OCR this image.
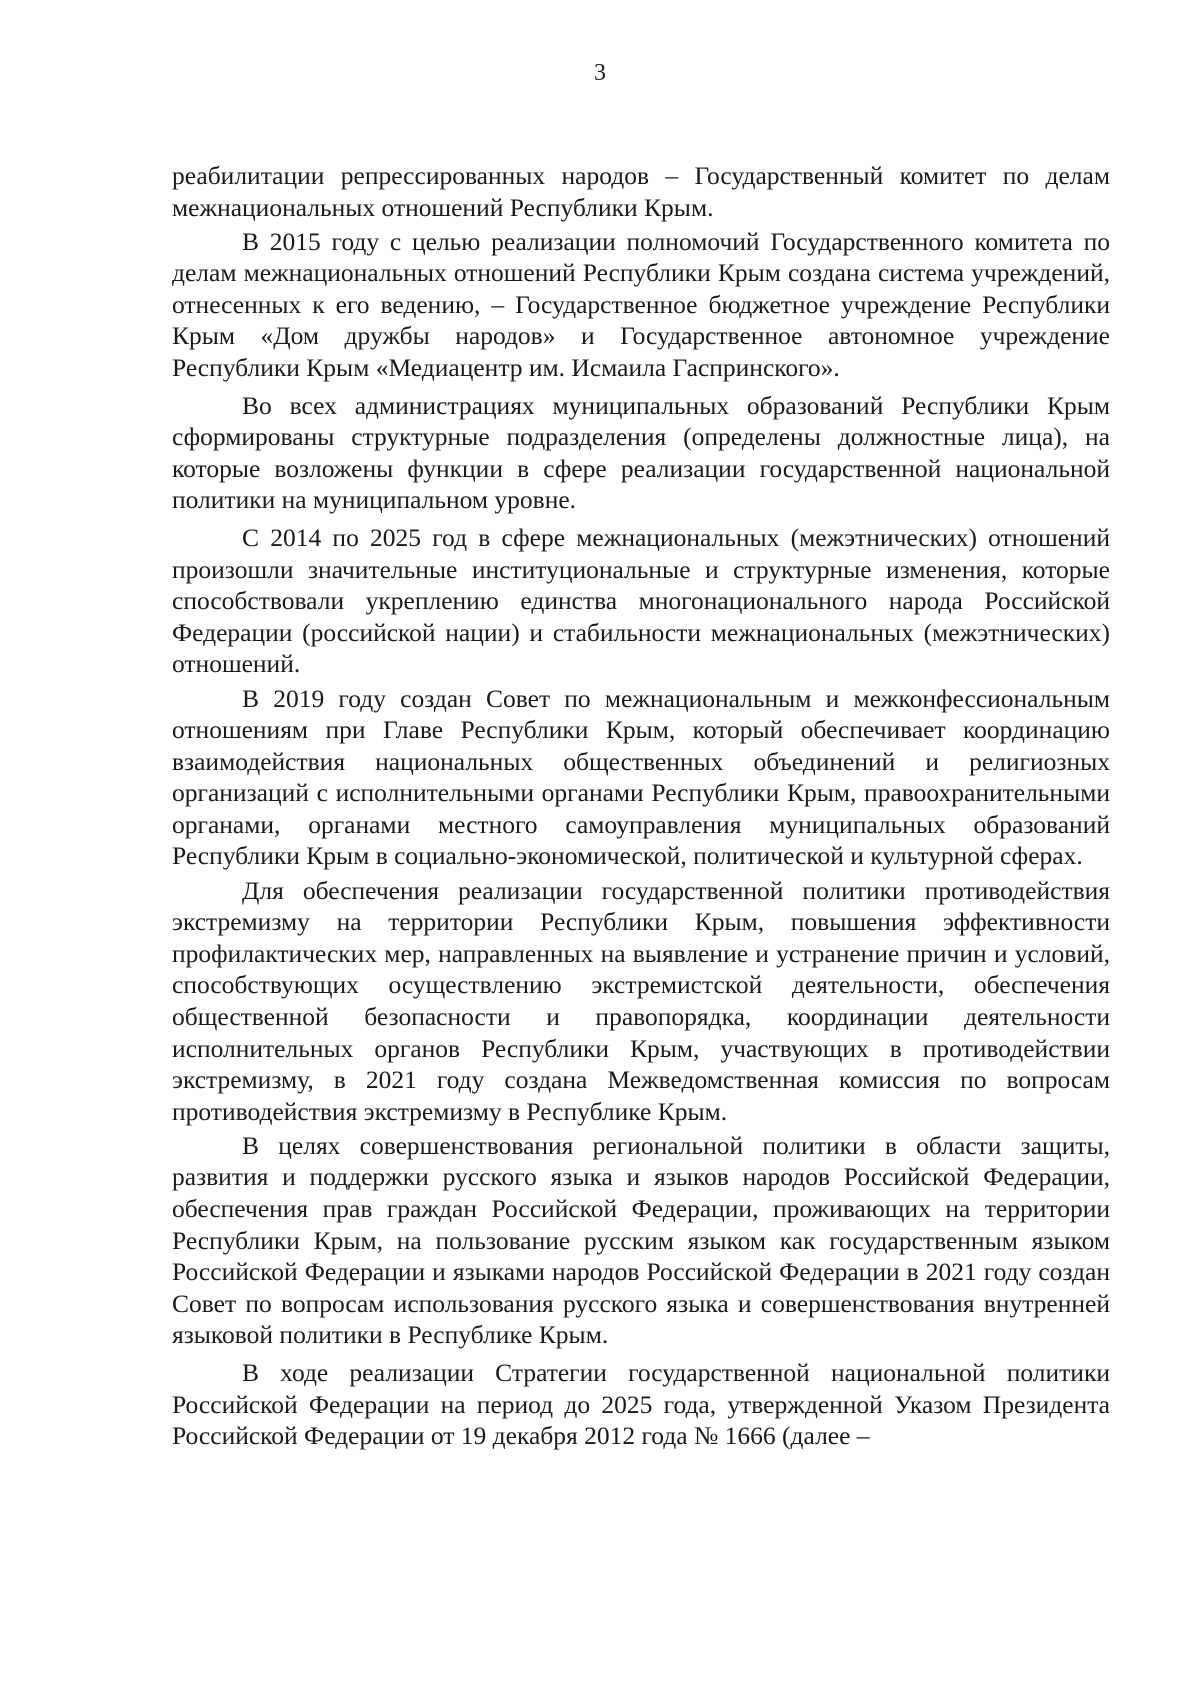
3

реабилитации репрессированных народов – Государственный комитет по делам межнациональных отношений Республики Крым.

В 2015 году с целью реализации полномочий Государственного комитета по делам межнациональных отношений Республики Крым создана система учреждений, отнесенных к его ведению, – Государственное бюджетное учреждение Республики Крым «Дом дружбы народов» и Государственное автономное учреждение Республики Крым «Медиацентр им. Исмаила Гаспринского».

Во всех администрациях муниципальных образований Республики Крым сформированы структурные подразделения (определены должностные лица), на которые возложены функции в сфере реализации государственной национальной политики на муниципальном уровне.

С 2014 по 2025 год в сфере межнациональных (межэтнических) отношений произошли значительные институциональные и структурные изменения, которые способствовали укреплению единства многонационального народа Российской Федерации (российской нации) и стабильности межнациональных (межэтнических) отношений.

В 2019 году создан Совет по межнациональным и межконфессиональным отношениям при Главе Республики Крым, который обеспечивает координацию взаимодействия национальных общественных объединений и религиозных организаций с исполнительными органами Республики Крым, правоохранительными органами, органами местного самоуправления муниципальных образований Республики Крым в социально-экономической, политической и культурной сферах.

Для обеспечения реализации государственной политики противодействия экстремизму на территории Республики Крым, повышения эффективности профилактических мер, направленных на выявление и устранение причин и условий, способствующих осуществлению экстремистской деятельности, обеспечения общественной безопасности и правопорядка, координации деятельности исполнительных органов Республики Крым, участвующих в противодействии экстремизму, в 2021 году создана Межведомственная комиссия по вопросам противодействия экстремизму в Республике Крым.

В целях совершенствования региональной политики в области защиты, развития и поддержки русского языка и языков народов Российской Федерации, обеспечения прав граждан Российской Федерации, проживающих на территории Республики Крым, на пользование русским языком как государственным языком Российской Федерации и языками народов Российской Федерации в 2021 году создан Совет по вопросам использования русского языка и совершенствования внутренней языковой политики в Республике Крым.

В ходе реализации Стратегии государственной национальной политики Российской Федерации на период до 2025 года, утвержденной Указом Президента Российской Федерации от 19 декабря 2012 года № 1666 (далее –
